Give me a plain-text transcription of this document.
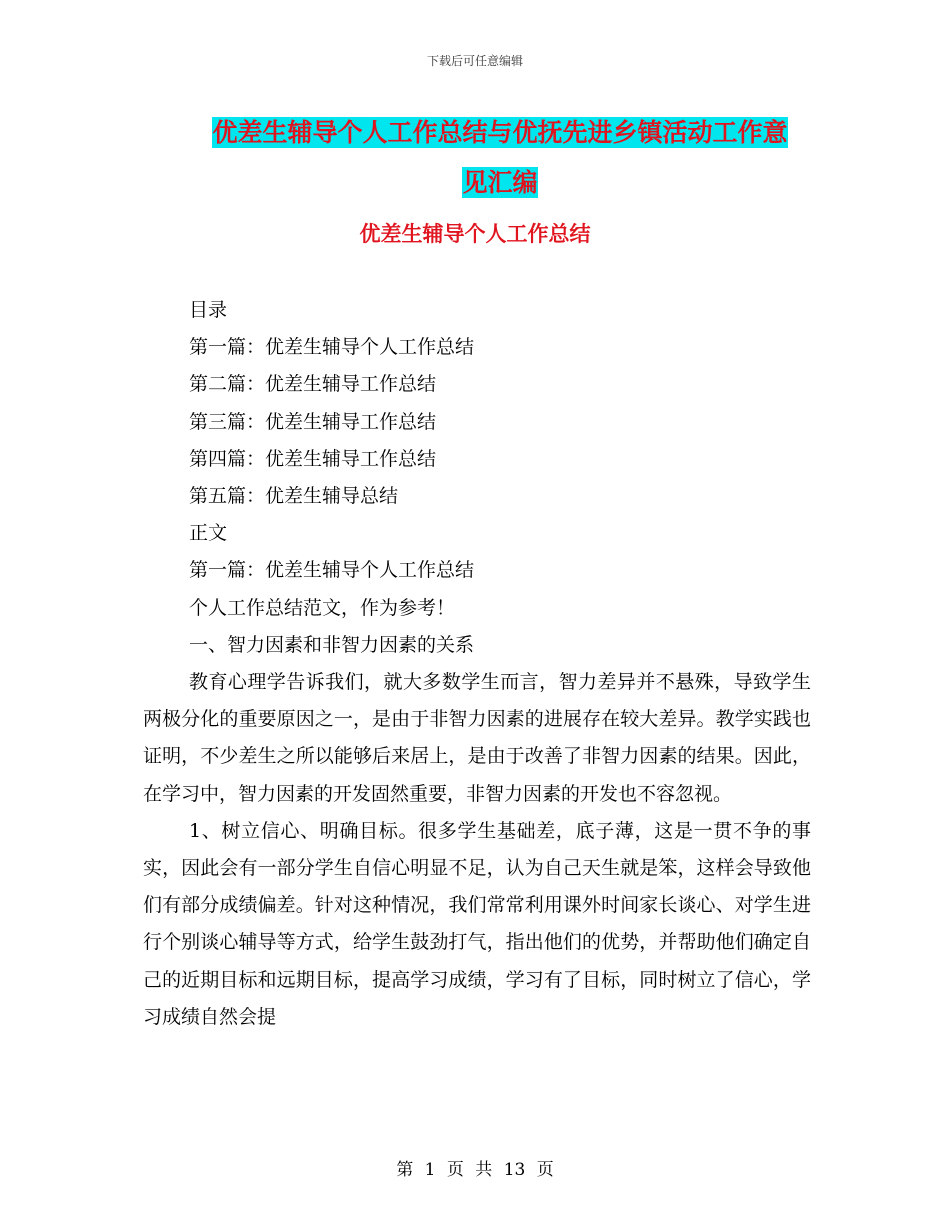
下载后可任意编辑
优差生辅导个人工作总结与优抚先进乡镇活动工作意
见汇编
优差生辅导个人工作总结

目录

第一篇：优差生辅导个人工作总结

第二篇：优差生辅导工作总结

第三篇：优差生辅导工作总结

第四篇：优差生辅导工作总结

第五篇：优差生辅导总结

正文

第一篇：优差生辅导个人工作总结

个人工作总结范文，作为参考！

一、智力因素和非智力因素的关系

教育心理学告诉我们，就大多数学生而言，智力差异并不悬殊，导致学生两极分化的重要原因之一，是由于非智力因素的进展存在较大差异。教学实践也证明，不少差生之所以能够后来居上，是由于改善了非智力因素的结果。因此，在学习中，智力因素的开发固然重要，非智力因素的开发也不容忽视。

1、树立信心、明确目标。很多学生基础差，底子薄，这是一贯不争的事实，因此会有一部分学生自信心明显不足，认为自己天生就是笨，这样会导致他们有部分成绩偏差。针对这种情况，我们常常利用课外时间家长谈心、对学生进行个别谈心辅导等方式，给学生鼓劲打气，指出他们的优势，并帮助他们确定自己的近期目标和远期目标，提高学习成绩，学习有了目标，同时树立了信心，学习成绩自然会提

第 1 页 共 13 页
